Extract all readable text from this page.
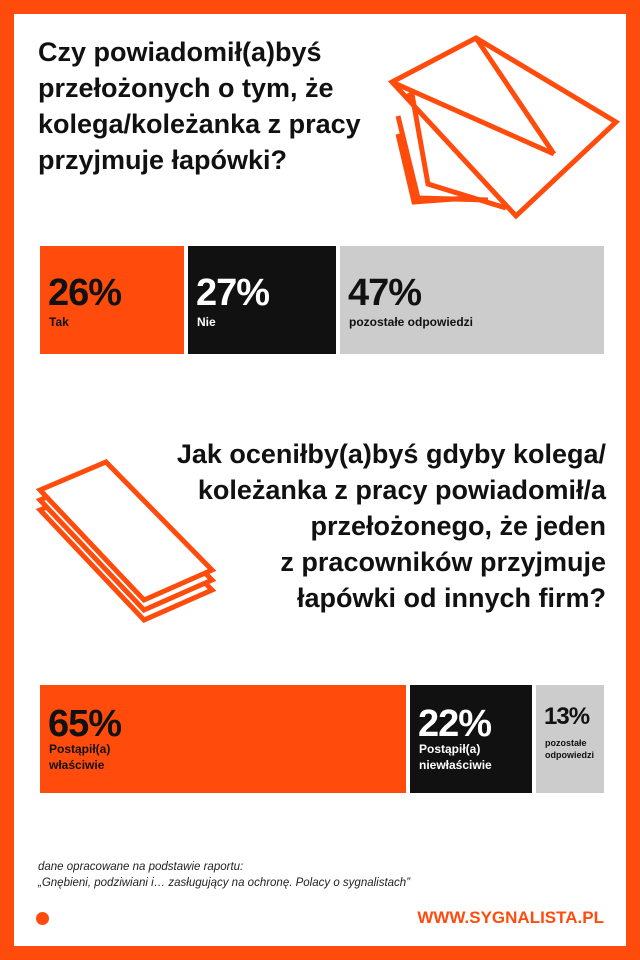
Czy powiadomił(a)byś
przełożonych o tym, że
kolega/koleżanka z pracy
przyjmuje łapówki?
26%
Tak
27%
Nie
47%
pozostałe odpowiedzi
Jak oceniłby(a)byś gdyby kolega/
koleżanka z pracy powiadomił/a
przełożonego, że jeden
z pracowników przyjmuje
łapówki od innych firm?
65%
Postąpił(a)
właściwie
22%
Postąpił(a)
niewłaściwie
13%
pozostałe
odpowiedzi
dane opracowane na podstawie raportu:
„Gnębieni, podziwiani i… zasługujący na ochronę. Polacy o sygnalistach”
WWW.SYGNALISTA.PL
